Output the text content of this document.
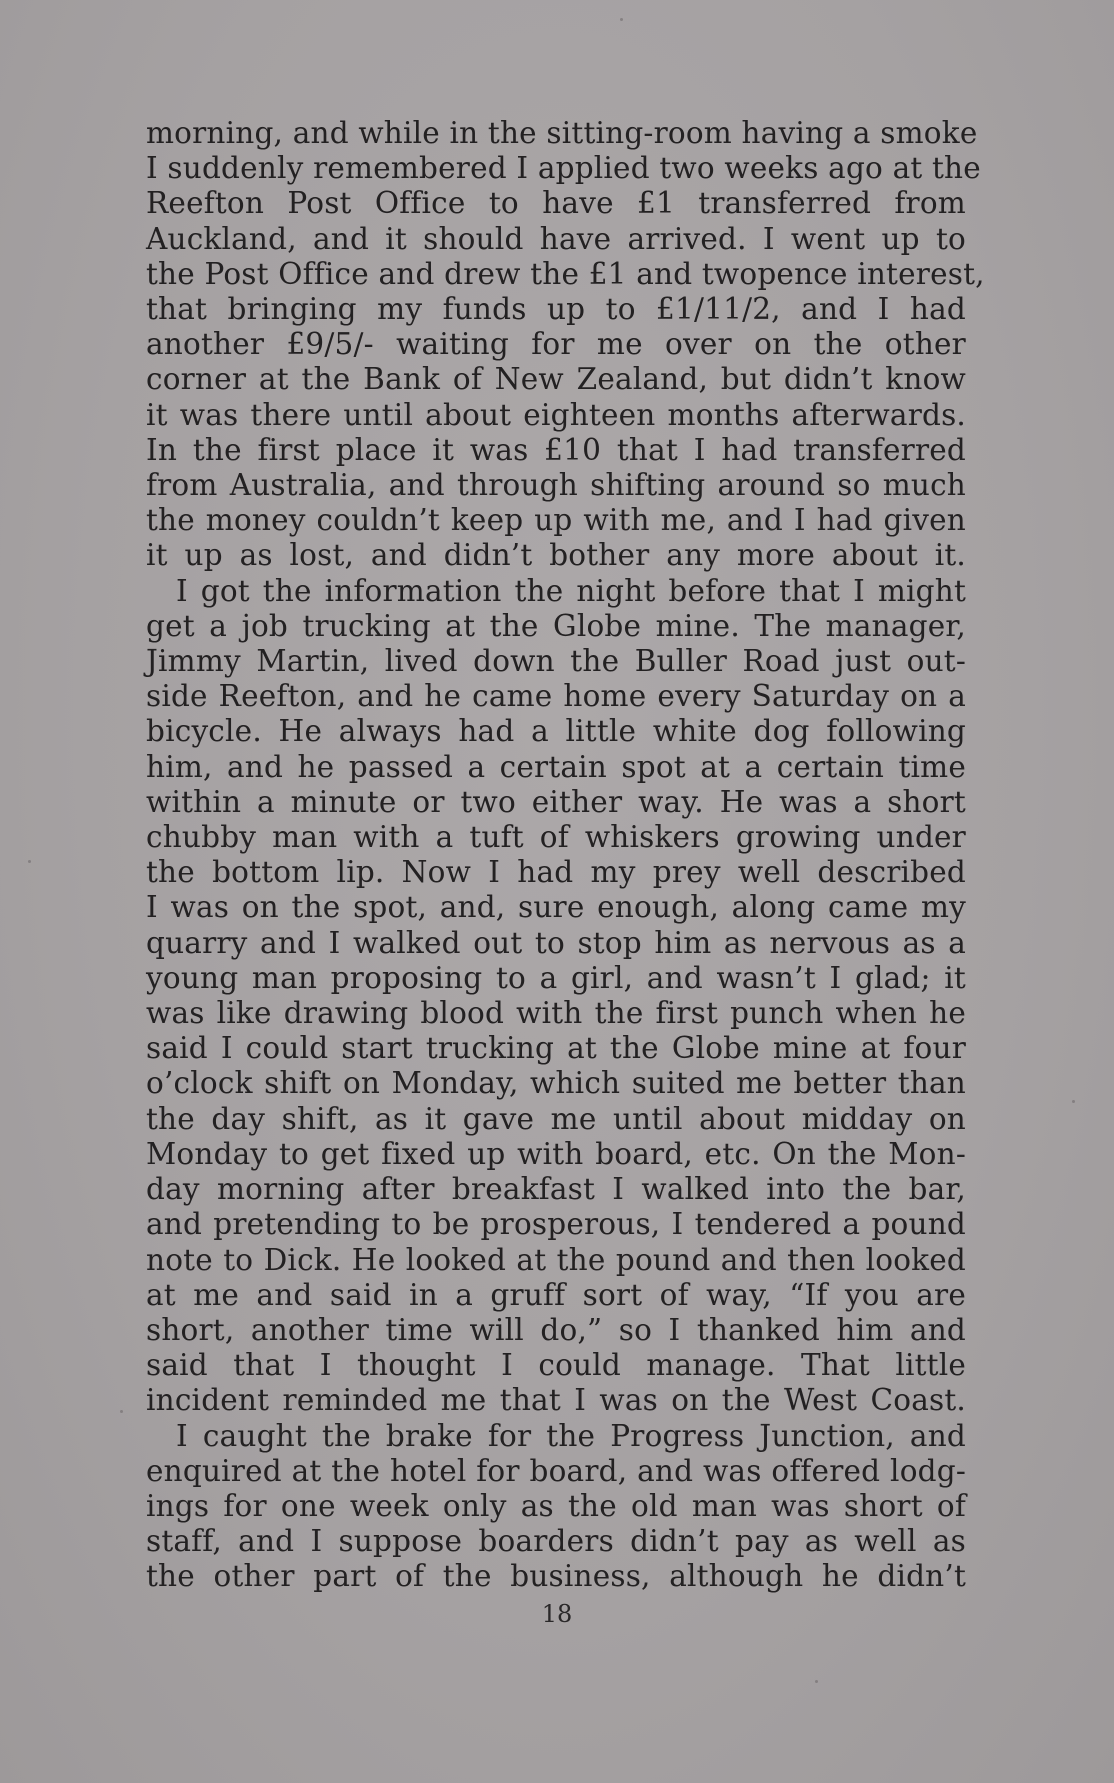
morning, and while in the sitting-room having a smoke
I suddenly remembered I applied two weeks ago at the
Reefton Post Office to have £1 transferred from
Auckland, and it should have arrived. I went up to
the Post Office and drew the £1 and twopence interest,
that bringing my funds up to £1/11/2, and I had
another £9/5/- waiting for me over on the other
corner at the Bank of New Zealand, but didn’t know
it was there until about eighteen months afterwards.
In the first place it was £10 that I had transferred
from Australia, and through shifting around so much
the money couldn’t keep up with me, and I had given
it up as lost, and didn’t bother any more about it.
I got the information the night before that I might
get a job trucking at the Globe mine. The manager,
Jimmy Martin, lived down the Buller Road just out-
side Reefton, and he came home every Saturday on a
bicycle. He always had a little white dog following
him, and he passed a certain spot at a certain time
within a minute or two either way. He was a short
chubby man with a tuft of whiskers growing under
the bottom lip. Now I had my prey well described
I was on the spot, and, sure enough, along came my
quarry and I walked out to stop him as nervous as a
young man proposing to a girl, and wasn’t I glad; it
was like drawing blood with the first punch when he
said I could start trucking at the Globe mine at four
o’clock shift on Monday, which suited me better than
the day shift, as it gave me until about midday on
Monday to get fixed up with board, etc. On the Mon-
day morning after breakfast I walked into the bar,
and pretending to be prosperous, I tendered a pound
note to Dick. He looked at the pound and then looked
at me and said in a gruff sort of way, “If you are
short, another time will do,” so I thanked him and
said that I thought I could manage. That little
incident reminded me that I was on the West Coast.
I caught the brake for the Progress Junction, and
enquired at the hotel for board, and was offered lodg-
ings for one week only as the old man was short of
staff, and I suppose boarders didn’t pay as well as
the other part of the business, although he didn’t
18
